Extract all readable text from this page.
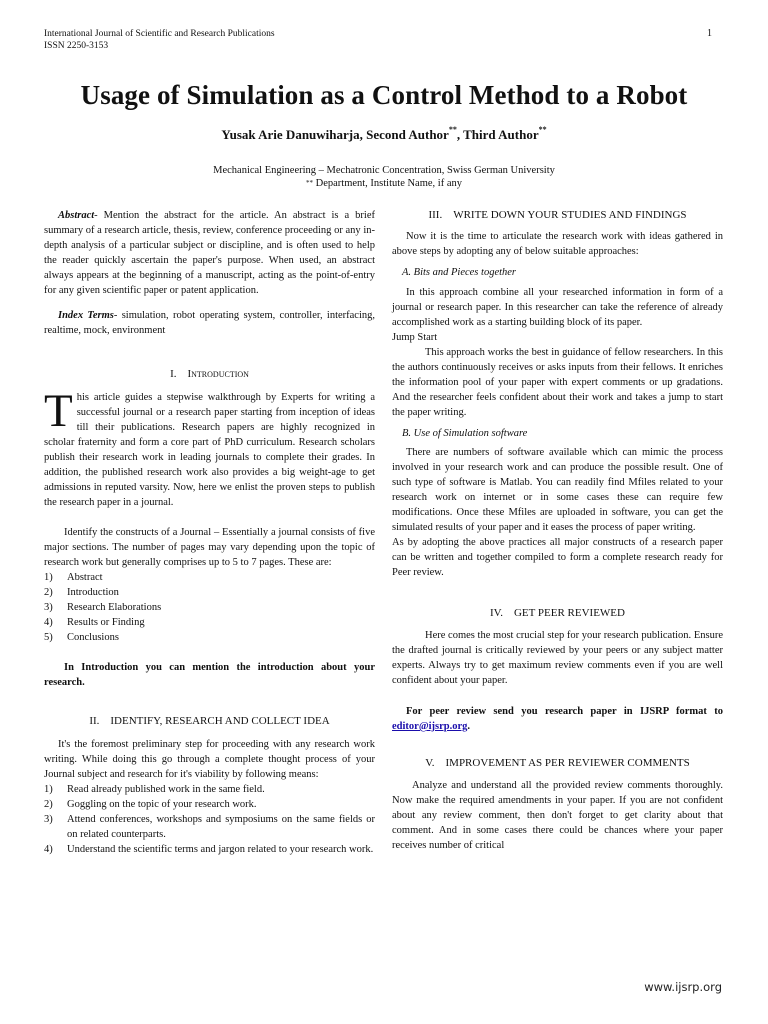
International Journal of Scientific and Research Publications
ISSN 2250-3153
1
Usage of Simulation as a Control Method to a Robot
Yusak Arie Danuwiharja, Second Author**, Third Author**
Mechanical Engineering – Mechatronic Concentration, Swiss German University
** Department, Institute Name, if any

Abstract- Mention the abstract for the article. An abstract is a brief summary of a research article, thesis, review, conference proceeding or any in-depth analysis of a particular subject or discipline, and is often used to help the reader quickly ascertain the paper's purpose. When used, an abstract always appears at the beginning of a manuscript, acting as the point-of-entry for any given scientific paper or patent application.

Index Terms- simulation, robot operating system, controller, interfacing, realtime, mock, environment

I. Introduction

This article guides a stepwise walkthrough by Experts for writing a successful journal or a research paper starting from inception of ideas till their publications. Research papers are highly recognized in scholar fraternity and form a core part of PhD curriculum. Research scholars publish their research work in leading journals to complete their grades. In addition, the published research work also provides a big weight-age to get admissions in reputed varsity. Now, here we enlist the proven steps to publish the research paper in a journal.

Identify the constructs of a Journal – Essentially a journal consists of five major sections. The number of pages may vary depending upon the topic of research work but generally comprises up to 5 to 7 pages. These are:

1) Abstract
2) Introduction
3) Research Elaborations
4) Results or Finding
5) Conclusions

In Introduction you can mention the introduction about your research.

II. IDENTIFY, RESEARCH AND COLLECT IDEA

It's the foremost preliminary step for proceeding with any research work writing. While doing this go through a complete thought process of your Journal subject and research for it's viability by following means:

1) Read already published work in the same field.
2) Goggling on the topic of your research work.
3) Attend conferences, workshops and symposiums on the same fields or on related counterparts.
4) Understand the scientific terms and jargon related to your research work.

III. WRITE DOWN YOUR STUDIES AND FINDINGS

Now it is the time to articulate the research work with ideas gathered in above steps by adopting any of below suitable approaches:

A. Bits and Pieces together

In this approach combine all your researched information in form of a journal or research paper. In this researcher can take the reference of already accomplished work as a starting building block of its paper.

Jump Start

This approach works the best in guidance of fellow researchers. In this the authors continuously receives or asks inputs from their fellows. It enriches the information pool of your paper with expert comments or up gradations. And the researcher feels confident about their work and takes a jump to start the paper writing.

B. Use of Simulation software

There are numbers of software available which can mimic the process involved in your research work and can produce the possible result. One of such type of software is Matlab. You can readily find Mfiles related to your research work on internet or in some cases these can require few modifications. Once these Mfiles are uploaded in software, you can get the simulated results of your paper and it eases the process of paper writing.

As by adopting the above practices all major constructs of a research paper can be written and together compiled to form a complete research ready for Peer review.

IV. GET PEER REVIEWED

Here comes the most crucial step for your research publication. Ensure the drafted journal is critically reviewed by your peers or any subject matter experts. Always try to get maximum review comments even if you are well confident about your paper.

For peer review send you research paper in IJSRP format to editor@ijsrp.org.

V. IMPROVEMENT AS PER REVIEWER COMMENTS

Analyze and understand all the provided review comments thoroughly. Now make the required amendments in your paper. If you are not confident about any review comment, then don't forget to get clarity about that comment. And in some cases there could be chances where your paper receives number of critical

www.ijsrp.org
